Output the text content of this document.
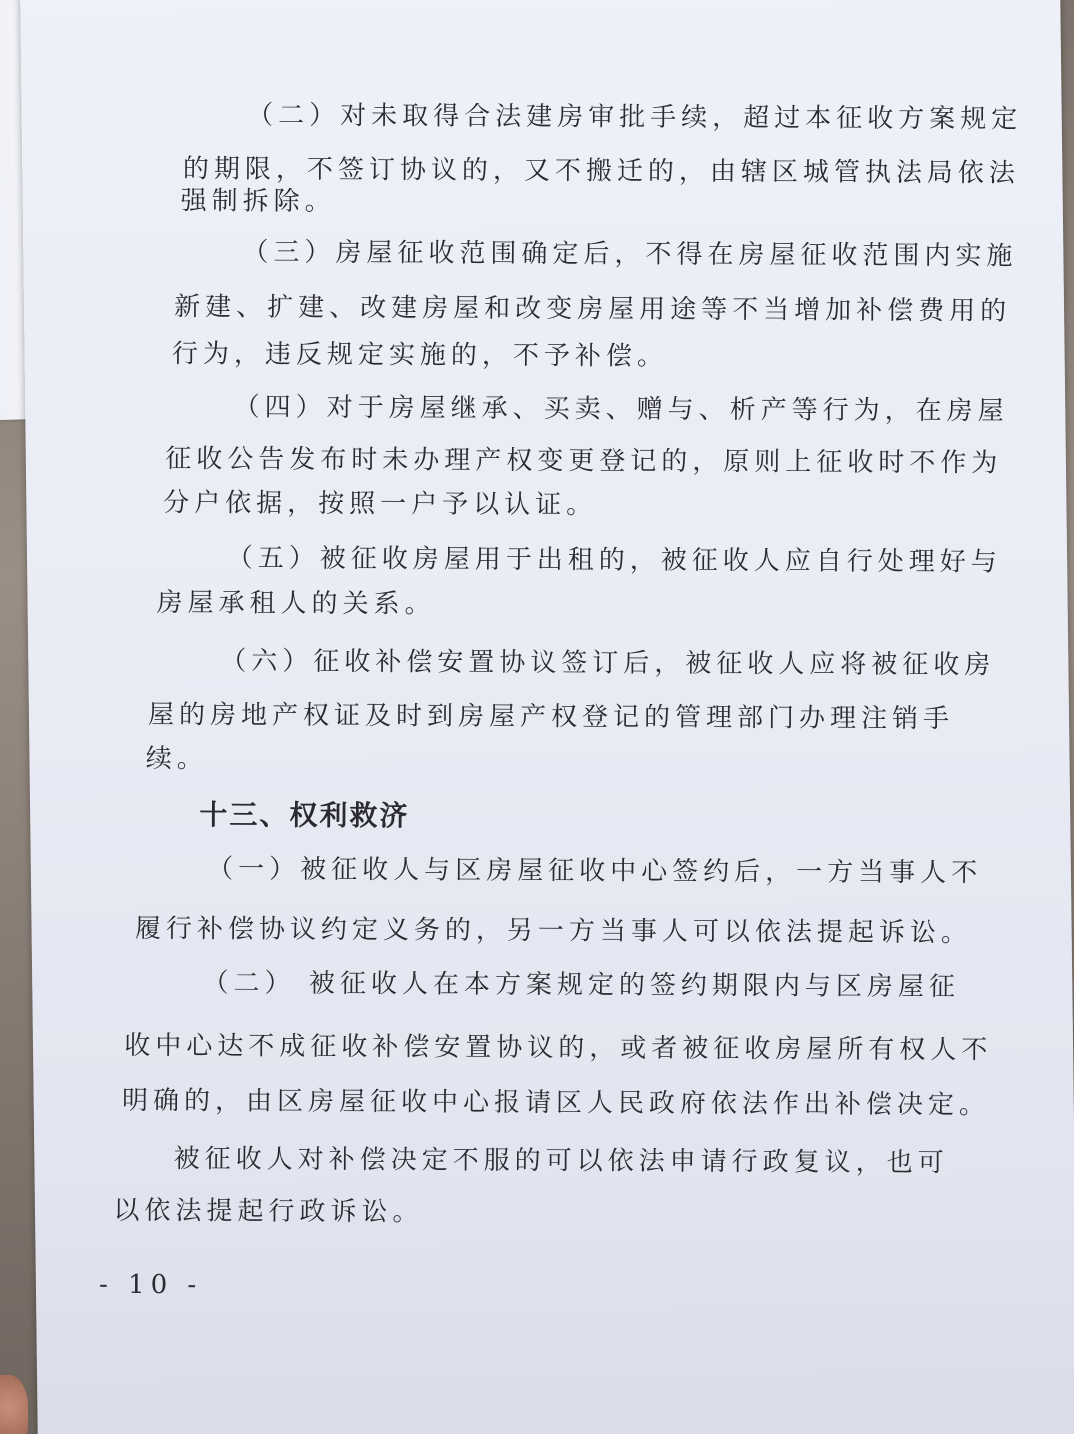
（二）对未取得合法建房审批手续，超过本征收方案规定
的期限，不签订协议的，又不搬迁的，由辖区城管执法局依法
强制拆除。
（三）房屋征收范围确定后，不得在房屋征收范围内实施
新建、扩建、改建房屋和改变房屋用途等不当增加补偿费用的
行为，违反规定实施的，不予补偿。
（四）对于房屋继承、买卖、赠与、析产等行为，在房屋
征收公告发布时未办理产权变更登记的，原则上征收时不作为
分户依据，按照一户予以认证。
（五）被征收房屋用于出租的，被征收人应自行处理好与
房屋承租人的关系。
（六）征收补偿安置协议签订后，被征收人应将被征收房
屋的房地产权证及时到房屋产权登记的管理部门办理注销手
续。
十三、权利救济
（一）被征收人与区房屋征收中心签约后，一方当事人不
履行补偿协议约定义务的，另一方当事人可以依法提起诉讼。
（二） 被征收人在本方案规定的签约期限内与区房屋征
收中心达不成征收补偿安置协议的，或者被征收房屋所有权人不
明确的，由区房屋征收中心报请区人民政府依法作出补偿决定。
被征收人对补偿决定不服的可以依法申请行政复议，也可
以依法提起行政诉讼。
- 10 -
